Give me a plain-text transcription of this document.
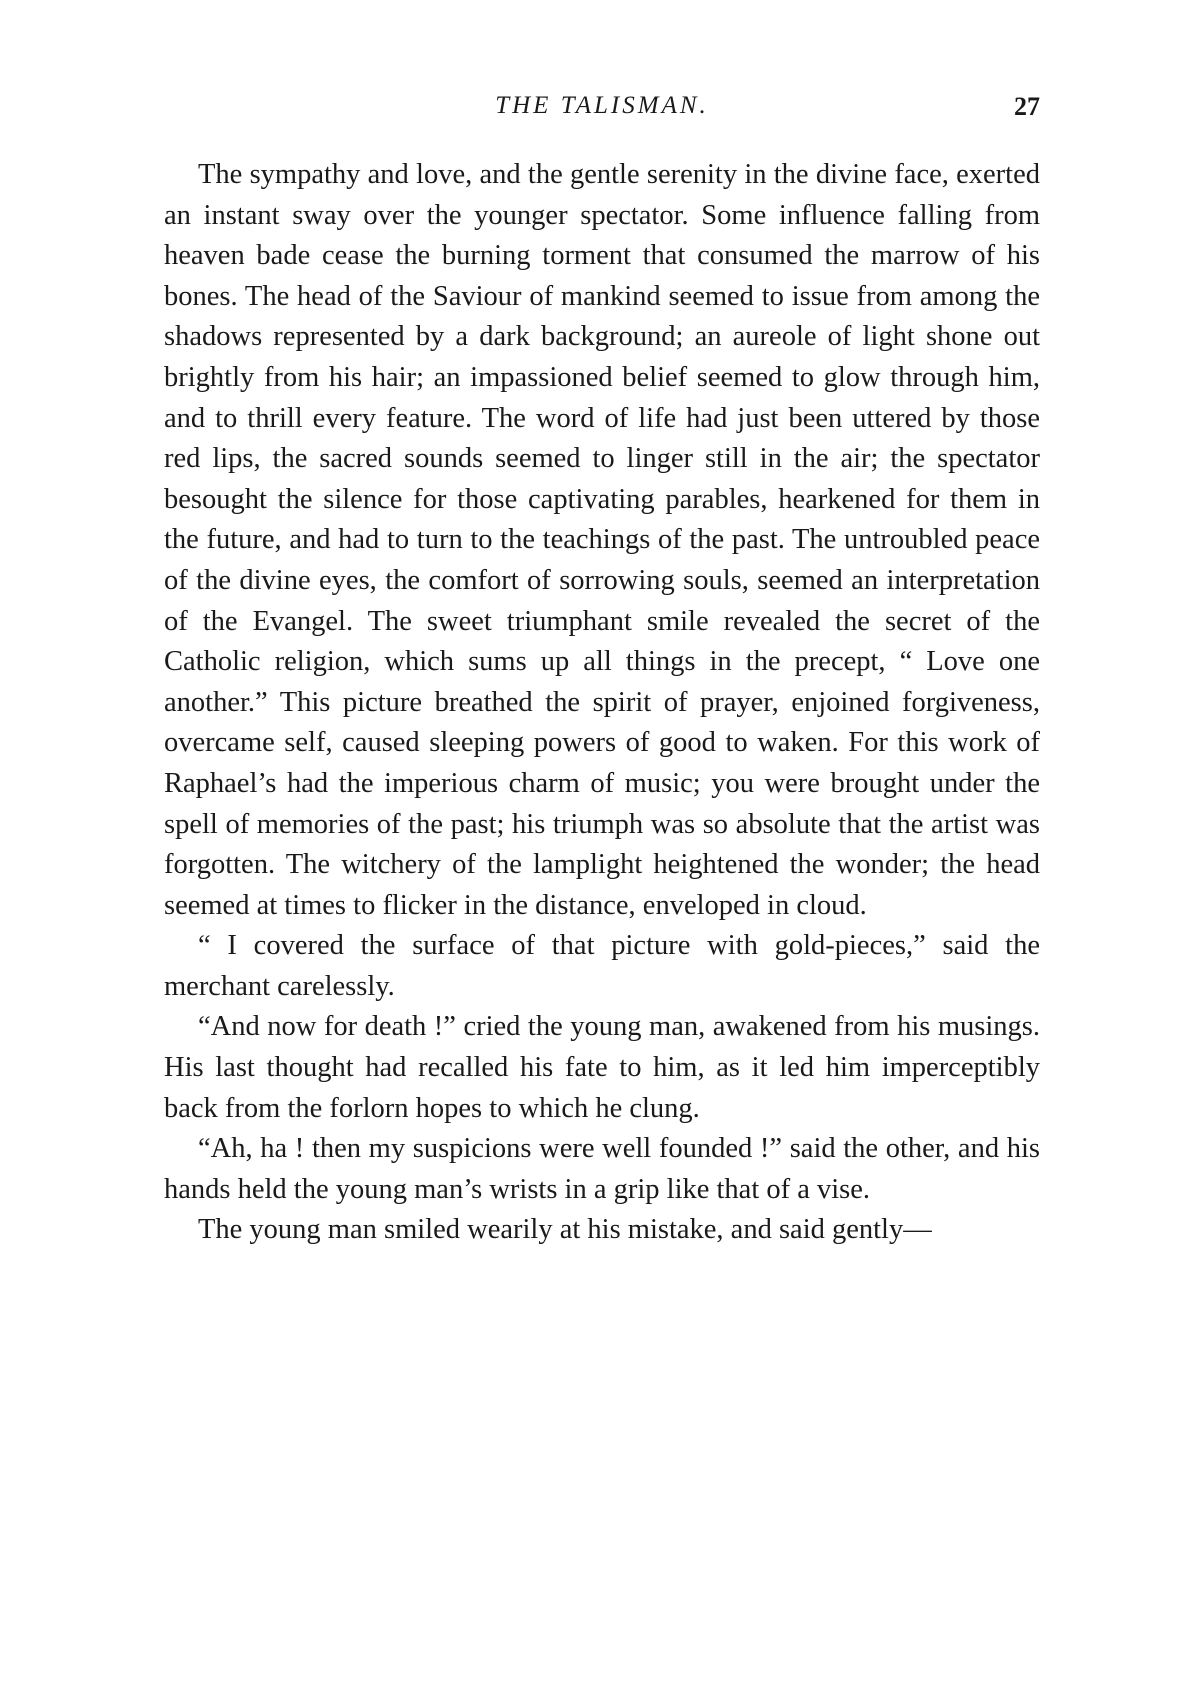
THE TALISMAN.	27

The sympathy and love, and the gentle serenity in the divine face, exerted an instant sway over the younger spectator. Some influence falling from heaven bade cease the burning torment that consumed the marrow of his bones. The head of the Saviour of mankind seemed to issue from among the shadows represented by a dark background; an aureole of light shone out brightly from his hair; an impassioned belief seemed to glow through him, and to thrill every feature. The word of life had just been uttered by those red lips, the sacred sounds seemed to linger still in the air; the spectator besought the silence for those captivating parables, hearkened for them in the future, and had to turn to the teachings of the past. The untroubled peace of the divine eyes, the comfort of sorrowing souls, seemed an interpretation of the Evangel. The sweet triumphant smile revealed the secret of the Catholic religion, which sums up all things in the precept, “ Love one another.” This picture breathed the spirit of prayer, enjoined forgiveness, overcame self, caused sleeping powers of good to waken. For this work of Raphael’s had the imperious charm of music; you were brought under the spell of memories of the past; his triumph was so absolute that the artist was forgotten. The witchery of the lamplight heightened the wonder; the head seemed at times to flicker in the distance, enveloped in cloud.

“ I covered the surface of that picture with gold-pieces,” said the merchant carelessly.

“And now for death !” cried the young man, awakened from his musings. His last thought had recalled his fate to him, as it led him imperceptibly back from the forlorn hopes to which he clung.

“Ah, ha ! then my suspicions were well founded !” said the other, and his hands held the young man’s wrists in a grip like that of a vise.

The young man smiled wearily at his mistake, and said gently—
